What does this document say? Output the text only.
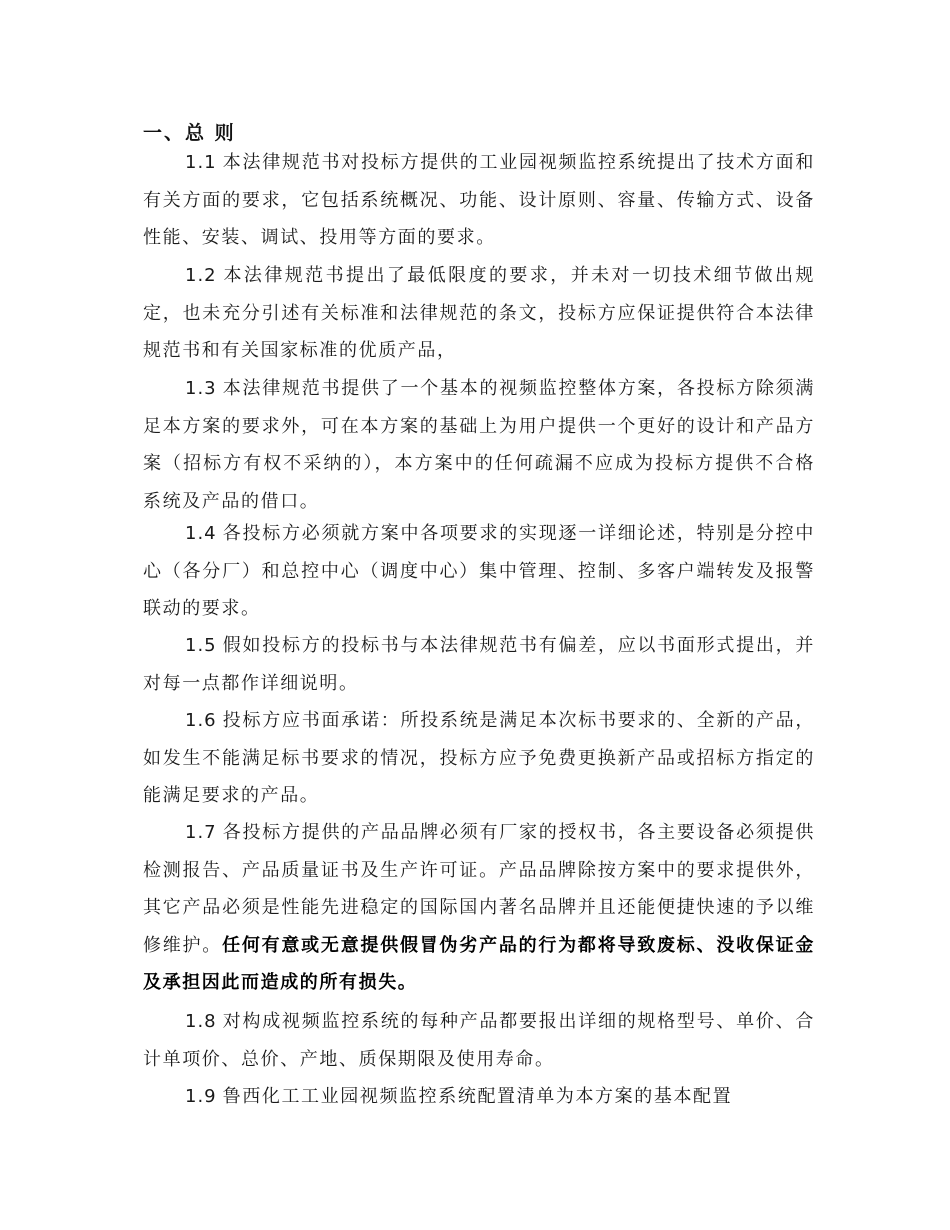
一、总 则

1.1 本法律规范书对投标方提供的工业园视频监控系统提出了技术方面和有关方面的要求，它包括系统概况、功能、设计原则、容量、传输方式、设备性能、安装、调试、投用等方面的要求。

1.2 本法律规范书提出了最低限度的要求，并未对一切技术细节做出规定，也未充分引述有关标准和法律规范的条文，投标方应保证提供符合本法律规范书和有关国家标准的优质产品，

1.3 本法律规范书提供了一个基本的视频监控整体方案，各投标方除须满足本方案的要求外，可在本方案的基础上为用户提供一个更好的设计和产品方案（招标方有权不采纳的），本方案中的任何疏漏不应成为投标方提供不合格系统及产品的借口。

1.4 各投标方必须就方案中各项要求的实现逐一详细论述，特别是分控中心（各分厂）和总控中心（调度中心）集中管理、控制、多客户端转发及报警联动的要求。

1.5 假如投标方的投标书与本法律规范书有偏差，应以书面形式提出，并对每一点都作详细说明。

1.6 投标方应书面承诺：所投系统是满足本次标书要求的、全新的产品，如发生不能满足标书要求的情况，投标方应予免费更换新产品或招标方指定的能满足要求的产品。

1.7 各投标方提供的产品品牌必须有厂家的授权书，各主要设备必须提供检测报告、产品质量证书及生产许可证。产品品牌除按方案中的要求提供外，其它产品必须是性能先进稳定的国际国内著名品牌并且还能便捷快速的予以维修维护。任何有意或无意提供假冒伪劣产品的行为都将导致废标、没收保证金及承担因此而造成的所有损失。

1.8 对构成视频监控系统的每种产品都要报出详细的规格型号、单价、合计单项价、总价、产地、质保期限及使用寿命。

1.9 鲁西化工工业园视频监控系统配置清单为本方案的基本配置
